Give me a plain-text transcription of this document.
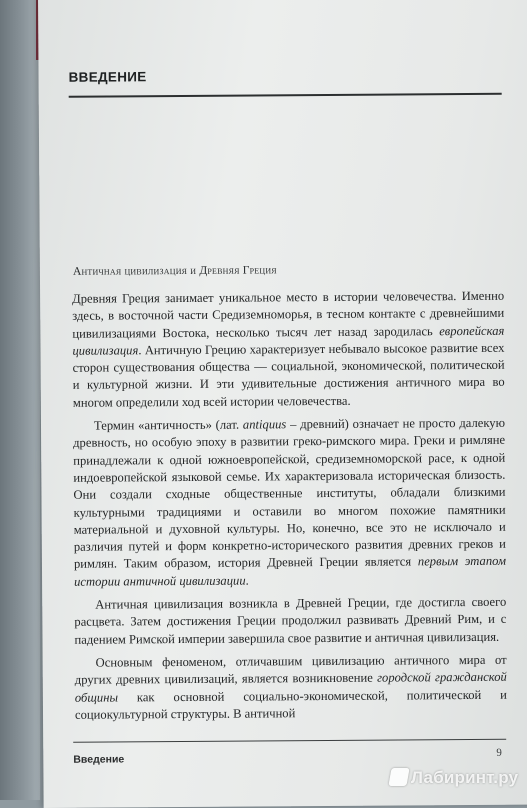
ВВЕДЕНИЕ
Античная цивилизация и Древняя Греция

Древняя Греция занимает уникальное место в истории человечества. Именно здесь, в восточной части Средиземноморья, в тесном контакте с древнейшими цивилизациями Востока, несколько тысяч лет назад зародилась европейская цивилизация. Античную Грецию характеризует небывало высокое развитие всех сторон существования общества — социальной, экономической, политической и культурной жизни. И эти удивительные достижения античного мира во многом определили ход всей истории человечества.

Термин «античность» (лат. antiquus – древний) означает не просто далекую древность, но особую эпоху в развитии греко-римского мира. Греки и римляне принадлежали к одной южноевропейской, средиземноморской расе, к одной индоевропейской языковой семье. Их характеризовала историческая близость. Они создали сходные общественные институты, обладали близкими культурными традициями и оставили во многом похожие памятники материальной и духовной культуры. Но, конечно, все это не исключало и различия путей и форм конкретно-исторического развития древних греков и римлян. Таким образом, история Древней Греции является первым этапом истории античной цивилизации.

Античная цивилизация возникла в Древней Греции, где достигла своего расцвета. Затем достижения Греции продолжил развивать Древний Рим, и с падением Римской империи завершила свое развитие и античная цивилизация.

Основным феноменом, отличавшим цивилизацию античного мира от других древних цивилизаций, является возникновение городской гражданской общины как основной социально-экономической, политической и социокультурной структуры. В античной

Введение
9
Лабиринт.ру
